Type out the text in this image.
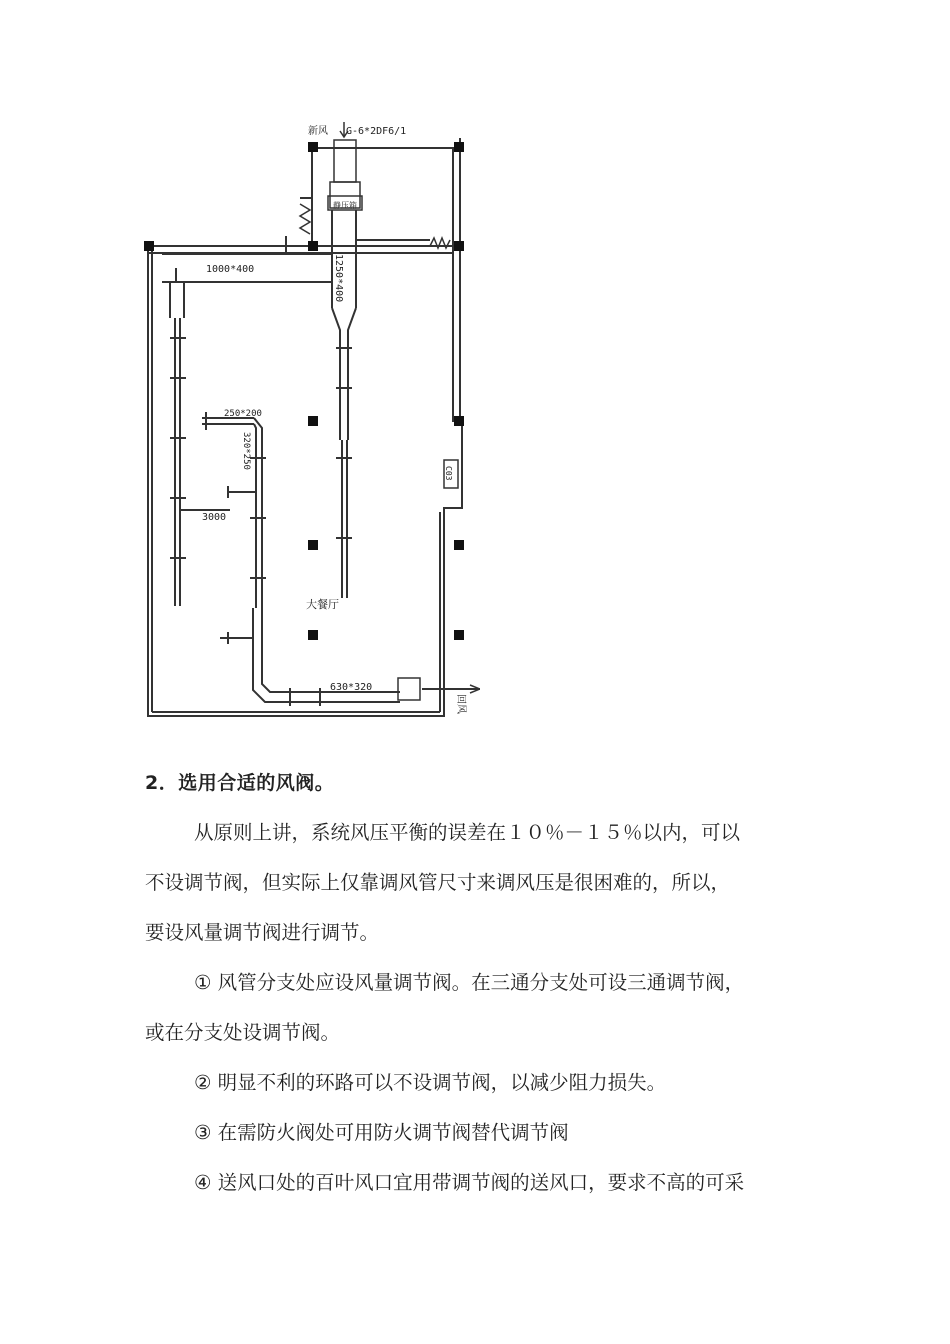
新风 G-6*2DF6/1
静压箱
1000*400	1250*400
250*200
320*250
3000
大餐厅
630*320
C03
回风
2．选用合适的风阀。
从原则上讲，系统风压平衡的误差在１０％－１５％以内，可以
不设调节阀，但实际上仅靠调风管尺寸来调风压是很困难的，所以，
要设风量调节阀进行调节。
① 风管分支处应设风量调节阀。在三通分支处可设三通调节阀，
或在分支处设调节阀。
② 明显不利的环路可以不设调节阀，以减少阻力损失。
③ 在需防火阀处可用防火调节阀替代调节阀
④ 送风口处的百叶风口宜用带调节阀的送风口，要求不高的可采
